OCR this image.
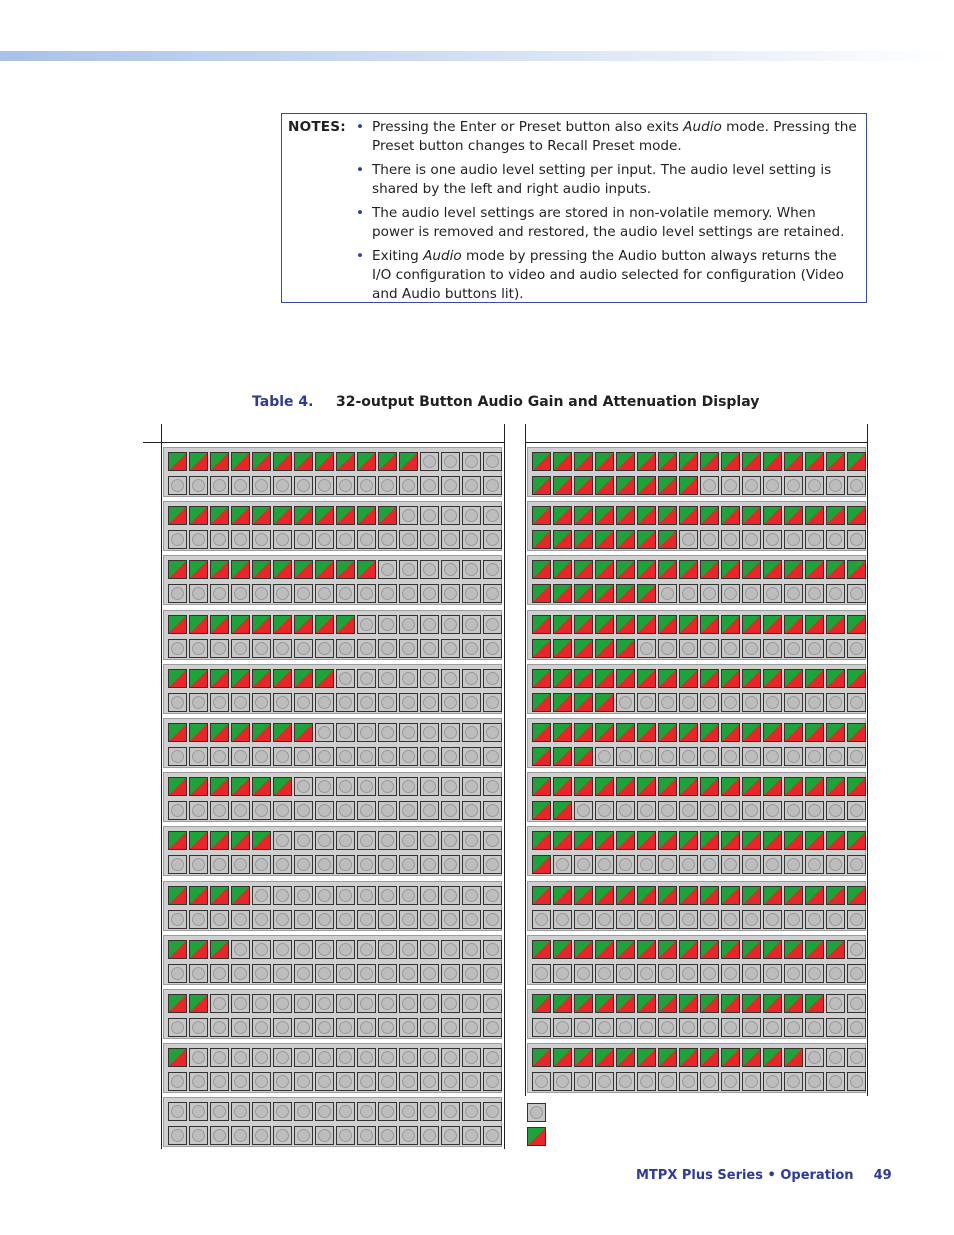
NOTES:
•	Pressing the Enter or Preset button also exits Audio mode. Pressing the Preset button changes to Recall Preset mode.
• There is one audio level setting per input. The audio level setting is shared by the left and right audio inputs.
• The audio level settings are stored in non-volatile memory. When power is removed and restored, the audio level settings are retained.
• Exiting Audio mode by pressing the Audio button always returns the I/O configuration to video and audio selected for configuration (Video and Audio buttons lit).
Table 4. 32-output Button Audio Gain and Attenuation Display
MTPX Plus Series • Operation 49
